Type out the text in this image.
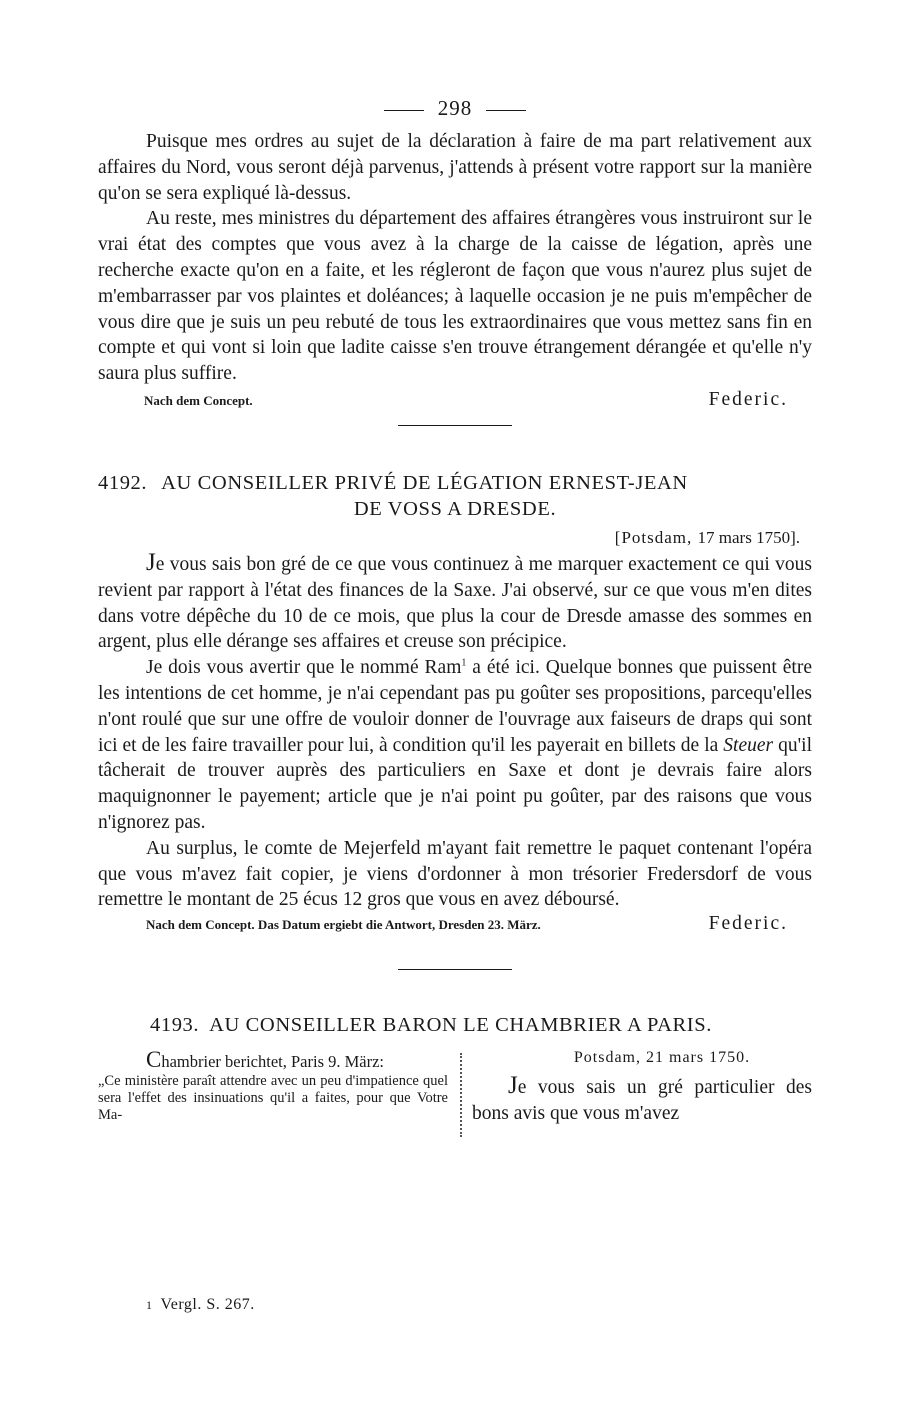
298

Puisque mes ordres au sujet de la déclaration à faire de ma part relativement aux affaires du Nord, vous seront déjà parvenus, j'attends à présent votre rapport sur la manière qu'on se sera expliqué là-dessus.

Au reste, mes ministres du département des affaires étrangères vous instruiront sur le vrai état des comptes que vous avez à la charge de la caisse de légation, après une recherche exacte qu'on en a faite, et les régleront de façon que vous n'aurez plus sujet de m'embarrasser par vos plaintes et doléances; à laquelle occasion je ne puis m'empêcher de vous dire que je suis un peu rebuté de tous les extraordinaires que vous mettez sans fin en compte et qui vont si loin que ladite caisse s'en trouve étrangement dérangée et qu'elle n'y saura plus suffire.

Nach dem Concept.	Federic.
4192. AU CONSEILLER PRIVÉ DE LÉGATION ERNEST-JEAN
DE VOSS A DRESDE.
[Potsdam, 17 mars 1750].

Je vous sais bon gré de ce que vous continuez à me marquer exactement ce qui vous revient par rapport à l'état des finances de la Saxe. J'ai observé, sur ce que vous m'en dites dans votre dépêche du 10 de ce mois, que plus la cour de Dresde amasse des sommes en argent, plus elle dérange ses affaires et creuse son précipice.

Je dois vous avertir que le nommé Ram$^1$ a été ici. Quelque bonnes que puissent être les intentions de cet homme, je n'ai cependant pas pu goûter ses propositions, parcequ'elles n'ont roulé que sur une offre de vouloir donner de l'ouvrage aux faiseurs de draps qui sont ici et de les faire travailler pour lui, à condition qu'il les payerait en billets de la Steuer qu'il tâcherait de trouver auprès des particuliers en Saxe et dont je devrais faire alors maquignonner le payement; article que je n'ai point pu goûter, par des raisons que vous n'ignorez pas.

Au surplus, le comte de Mejerfeld m'ayant fait remettre le paquet contenant l'opéra que vous m'avez fait copier, je viens d'ordonner à mon trésorier Fredersdorf de vous remettre le montant de 25 écus 12 gros que vous en avez déboursé.

Nach dem Concept. Das Datum ergiebt die Antwort, Dresden 23. März.	Federic.
4193. AU CONSEILLER BARON LE CHAMBRIER A PARIS.
Chambrier berichtet, Paris 9. März:
„Ce ministère paraît attendre avec un peu d'impatience quel sera l'effet des insinuations qu'il a faites, pour que Votre Ma-
Potsdam, 21 mars 1750.

Je vous sais un gré particulier des bons avis que vous m'avez

1 Vergl. S. 267.
